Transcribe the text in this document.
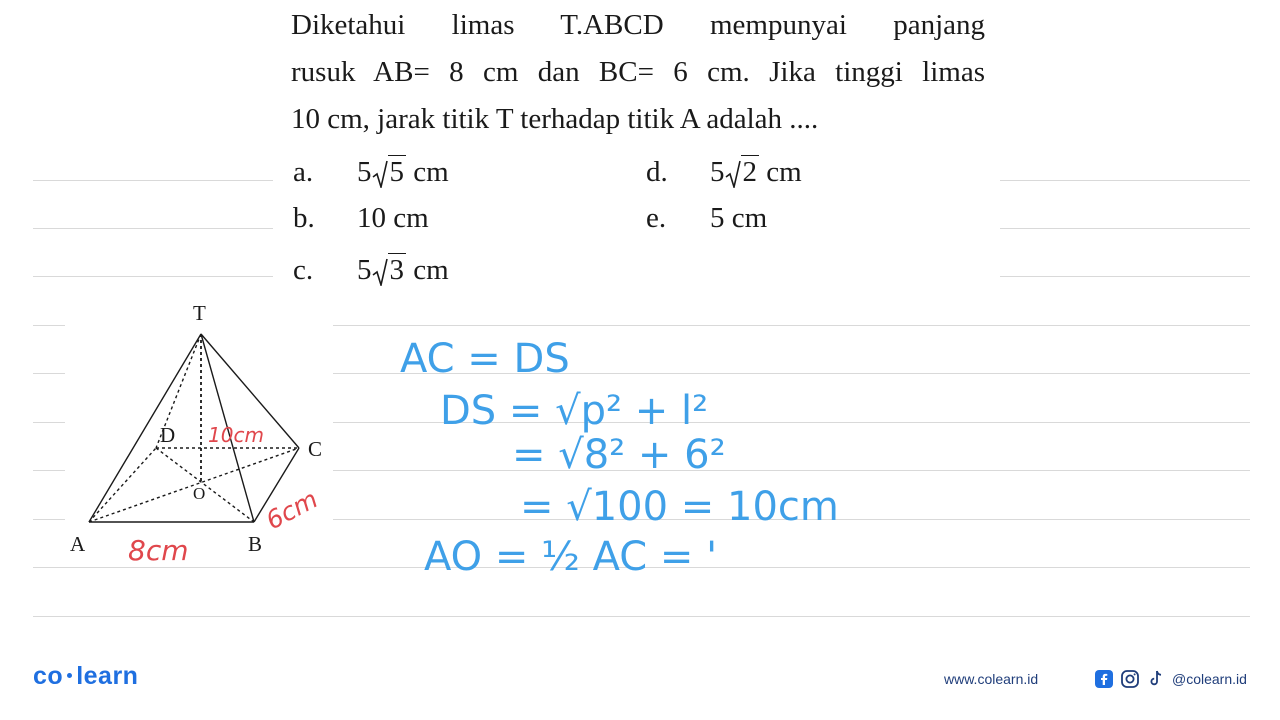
Diketahui limas T.ABCD mempunyai panjang
rusuk AB= 8 cm dan BC= 6 cm. Jika tinggi limas
10 cm, jarak titik T terhadap titik A adalah ....
a. 5 5 cm
b. 10 cm
c. 5 3 cm
d. 5 2 cm
e. 5 cm
T
A	B
C
D
O
10cm
8cm
6cm
AC = DS
DS = √p² + l²
= √8² + 6²
= √100 = 10cm
AO = ½ AC = '
co learn	www.colearn.id	@colearn.id
